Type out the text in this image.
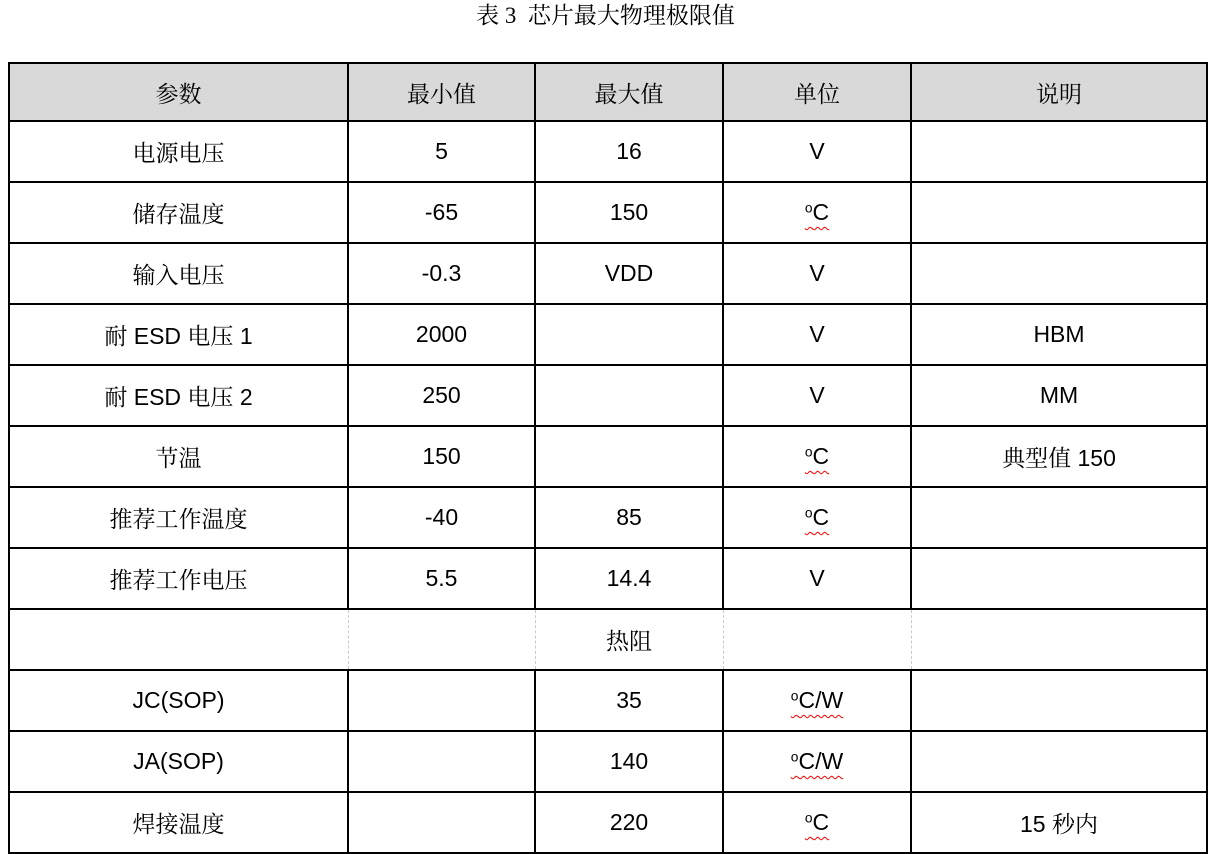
表 3  芯片最大物理极限值
参数	最小值	最大值	单位	说明
电源电压	5	16	V	
储存温度	-65	150	$^o$C	
输入电压	-0.3	VDD	V	
耐 ESD 电压 1	2000		V	HBM
耐 ESD 电压 2	250		V	MM
节温	150		$^o$C	典型值 150
推荐工作温度	-40	85	$^o$C	
推荐工作电压	5.5	14.4	V	
		热阻		
JC(SOP)		35	$^o$C/W	
JA(SOP)		140	$^o$C/W	
焊接温度		220	$^o$C	15 秒内
